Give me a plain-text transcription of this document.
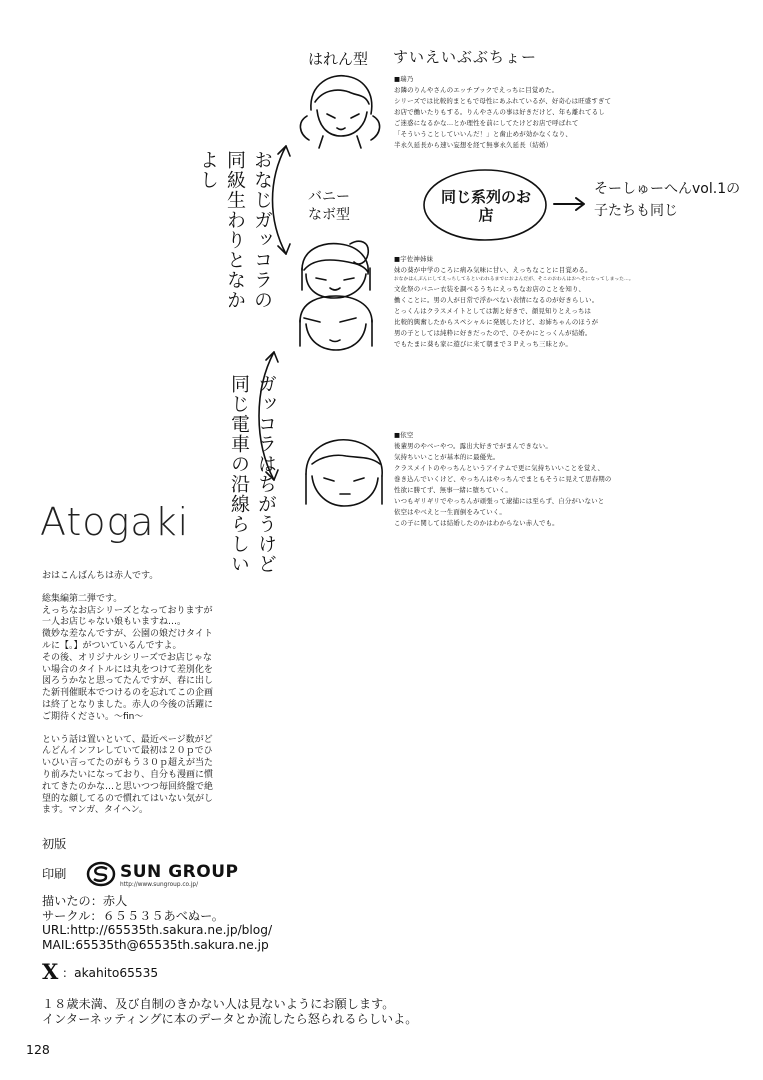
はれん型 すいえいぶぶちょー
おなじガッコラの同級生わりとなかよし
バニーなボ型
同じ系列のお店
そーしゅーへんvol.1の子たちも同じ
■瑞乃
お隣のりんやさんのエッチブックでえっちに目覚めた。
シリーズでは比較的まともで母性にあふれているが、好奇心は旺盛すぎて
お店で働いたりもする。りんやさんの事は好きだけど、年も離れてるし
ご迷惑になるかな…とか理性を前にしてたけどお店で呼ばれて
「そういうことしていいんだ！」と歯止めが効かなくなり、
半永久延長から速い妄想を経て無事永久延長（結婚）
■宇佐神姉妹
妹の葵が中学のころに病み気味に甘い、えっちなことに目覚める。
おなかはんぶんにしてえっちしてるといわれるまでにおよんだが、そこのおわんはおへそになってしまった…。
文化祭のバニー衣装を調べるうちにえっちなお店のことを知り、
働くことに。男の人が日常で浮かべない表情になるのが好きらしい。
とっくんはクラスメイトとしては割と好きで、顔見知りとえっちは
比較的興奮したからスペシャルに発展したけど、お姉ちゃんのほうが
男の子としては純粋に好きだったので、ひそかにとっくんが結婚。
でもたまに葵も家に遊びに来て朝まで３Ｐえっち三昧とか。
■依空
後輩男のやべーやつ。露出大好きでがまんできない。
気持ちいいことが基本的に最優先。
クラスメイトのやっちんというアイテムで更に気持ちいいことを覚え、
巻き込んでいくけど、やっちんはやっちんでまともそうに見えて思春期の
性欲に勝てず、無事一緒に堕ちていく。
いつもギリギリでやっちんが頑張って逮捕には至らず、自分がいないと
依空はやべえと一生面倒をみていく。
この子に関しては結婚したのかはわからない赤人でも。
ガッコラはちがうけど同じ電車の沿線らしい
Atogaki
おはこんばんちは赤人です。
総集編第二弾です。
えっちなお店シリーズとなっておりますが
一人お店じゃない娘もいますね…。
微妙な差なんですが、公園の娘だけタイト
ルに【。】がついているんですよ。
その後、オリジナルシリーズでお店じゃな
い場合のタイトルには丸をつけて差別化を
図ろうかなと思ってたんですが、春に出し
た新刊催眠本でつけるのを忘れてこの企画
は終了となりました。赤人の今後の活躍に
ご期待ください。～fin～
という話は置いといて、最近ページ数がど
んどんインフレしていて最初は２０ｐでひ
いひい言ってたのがもう３０ｐ超えが当た
り前みたいになっており、自分も漫画に慣
れてきたのかな…と思いつつ毎回終盤で絶
望的な顔してるので慣れてはいない気がし
ます。マンガ、タイヘン。
初版
印刷	SUN GROUP
http://www.sungroup.co.jp/
描いたの：赤人
サークル：６５５３５あべぬー。
URL:http://65535th.sakura.ne.jp/blog/
MAIL:65535th@65535th.sakura.ne.jp
X ：akahito65535
１８歳未満、及び自制のきかない人は見ないようにお願します。
インターネッティングに本のデータとか流したら怒られるらしいよ。
128
